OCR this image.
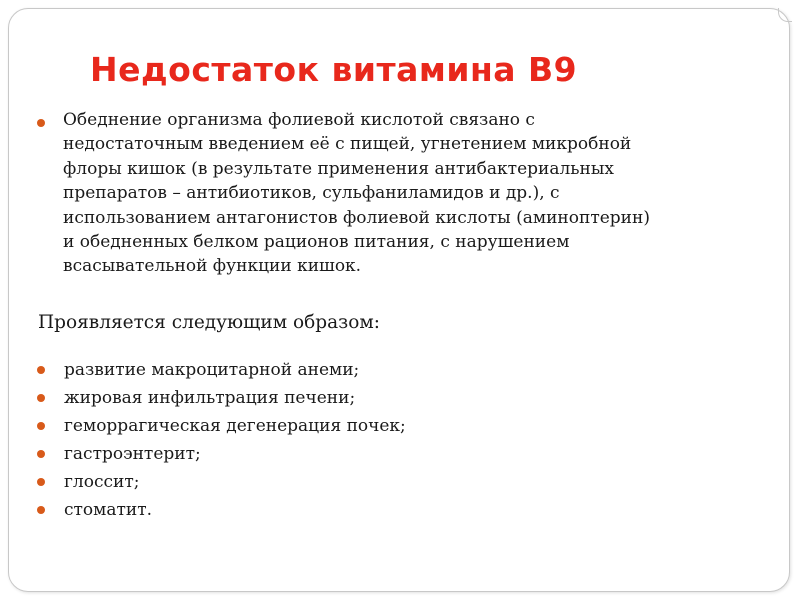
Недостаток витамина В9

Обеднение организма фолиевой кислотой связано с
недостаточным введением её с пищей, угнетением микробной
флоры кишок (в результате применения антибактериальных
препаратов – антибиотиков, сульфаниламидов и др.), с
использованием антагонистов фолиевой кислоты (аминоптерин)
и обедненных белком рационов питания, с нарушением
всасывательной функции кишок.

Проявляется следующим образом:

развитие макроцитарной анеми;
жировая инфильтрация печени;
геморрагическая дегенерация почек;
гастроэнтерит;
глоссит;
стоматит.
